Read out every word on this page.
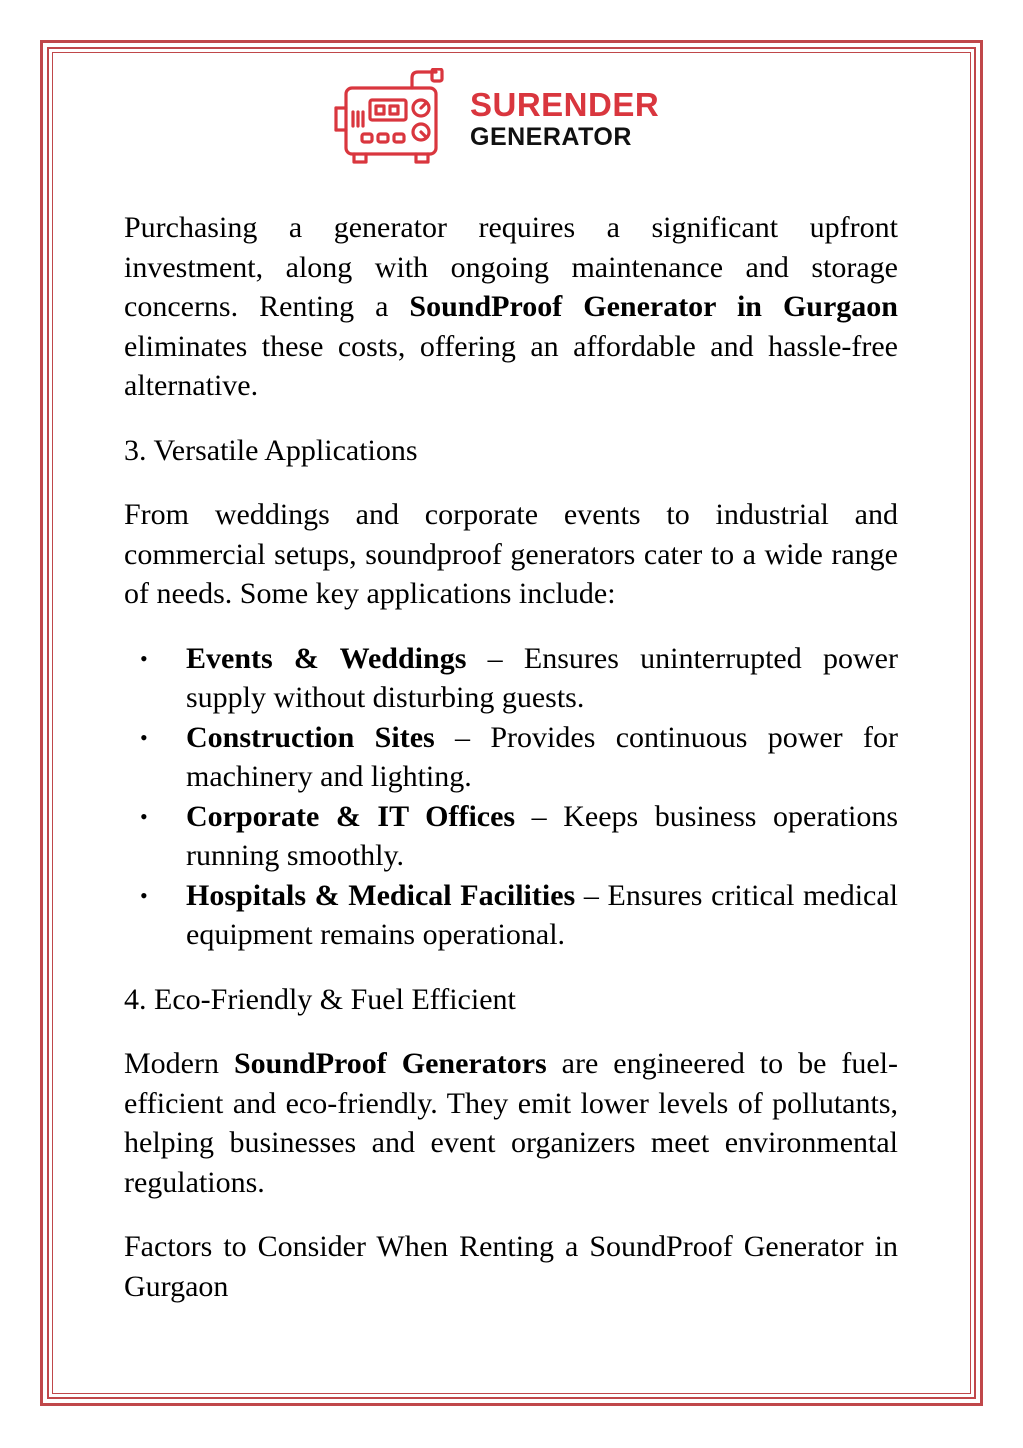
SURENDER
GENERATOR

Purchasing a generator requires a significant upfront investment, along with ongoing maintenance and storage concerns. Renting a SoundProof Generator in Gurgaon eliminates these costs, offering an affordable and hassle-free alternative.

3. Versatile Applications

From weddings and corporate events to industrial and commercial setups, soundproof generators cater to a wide range of needs. Some key applications include:

• Events & Weddings – Ensures uninterrupted power supply without disturbing guests.
• Construction Sites – Provides continuous power for machinery and lighting.
• Corporate & IT Offices – Keeps business operations running smoothly.
• Hospitals & Medical Facilities – Ensures critical medical equipment remains operational.

4. Eco-Friendly & Fuel Efficient

Modern SoundProof Generators are engineered to be fuel-efficient and eco-friendly. They emit lower levels of pollutants, helping businesses and event organizers meet environmental regulations.

Factors to Consider When Renting a SoundProof Generator in Gurgaon
